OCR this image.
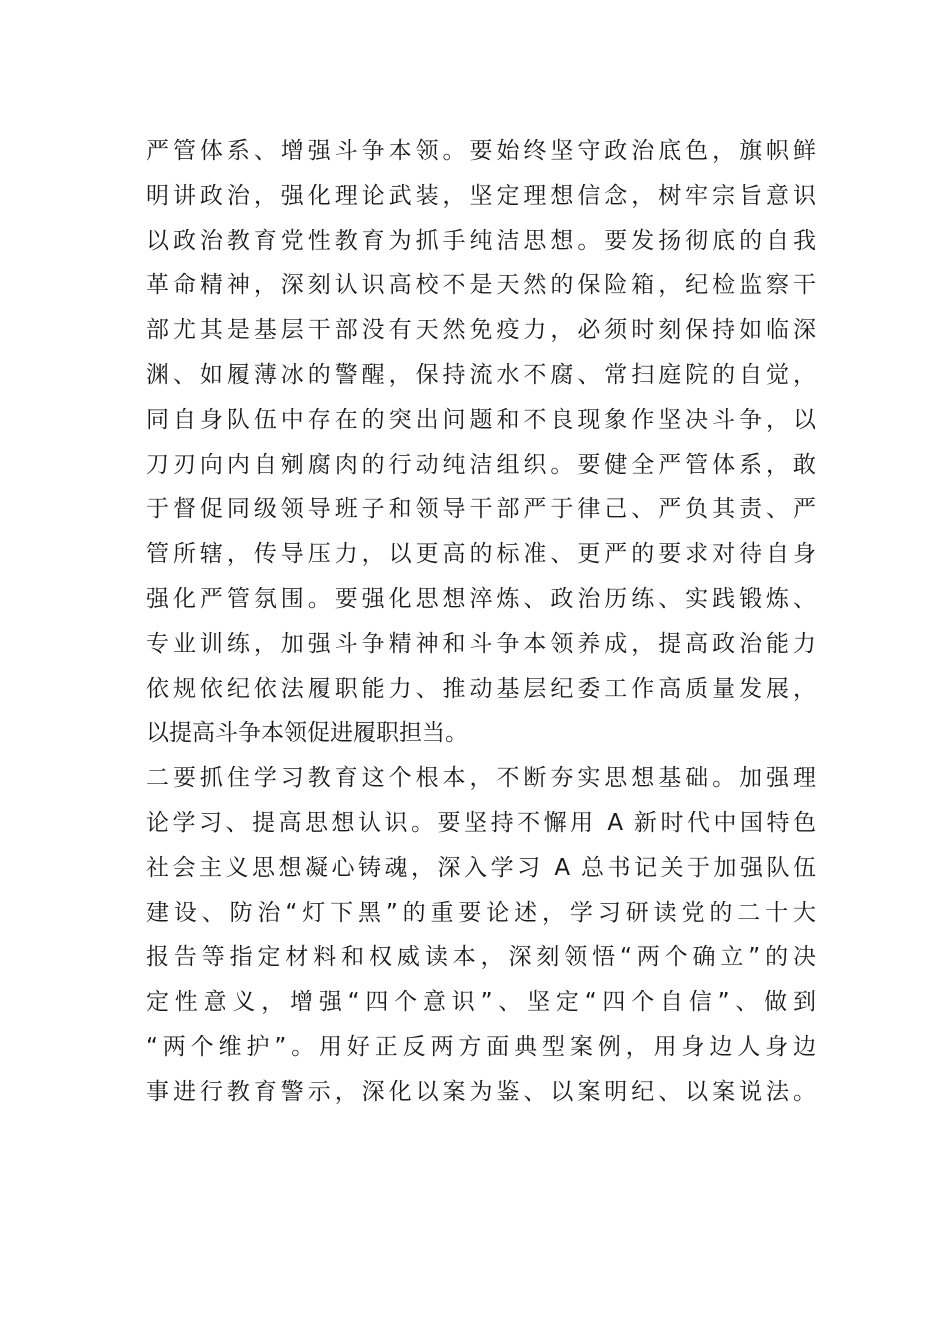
严管体系、增强斗争本领。要始终坚守政治底色，旗帜鲜
明讲政治，强化理论武装，坚定理想信念，树牢宗旨意识
以政治教育党性教育为抓手纯洁思想。要发扬彻底的自我
革命精神，深刻认识高校不是天然的保险箱，纪检监察干
部尤其是基层干部没有天然免疫力，必须时刻保持如临深
渊、如履薄冰的警醒，保持流水不腐、常扫庭院的自觉，
同自身队伍中存在的突出问题和不良现象作坚决斗争，以
刀刃向内自剜腐肉的行动纯洁组织。要健全严管体系，敢
于督促同级领导班子和领导干部严于律己、严负其责、严
管所辖，传导压力，以更高的标准、更严的要求对待自身
强化严管氛围。要强化思想淬炼、政治历练、实践锻炼、
专业训练，加强斗争精神和斗争本领养成，提高政治能力
依规依纪依法履职能力、推动基层纪委工作高质量发展，
以提高斗争本领促进履职担当。
二要抓住学习教育这个根本，不断夯实思想基础。加强理
论学习、提高思想认识。要坚持不懈用 A 新时代中国特色
社会主义思想凝心铸魂，深入学习 A 总书记关于加强队伍
建设、防治“灯下黑”的重要论述，学习研读党的二十大
报告等指定材料和权威读本，深刻领悟“两个确立”的决
定性意义，增强“四个意识”、坚定“四个自信”、做到
“两个维护”。用好正反两方面典型案例，用身边人身边
事进行教育警示，深化以案为鉴、以案明纪、以案说法。
